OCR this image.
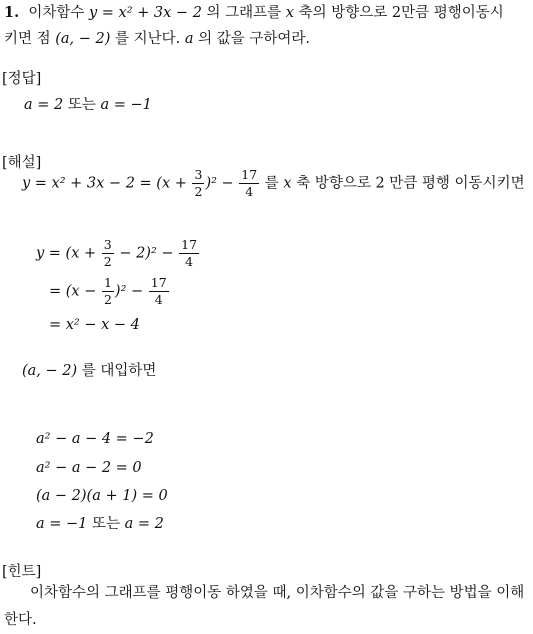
1. 이차함수 y = x² + 3x − 2 의 그래프를 x 축의 방향으로 2만큼 평행이동시
키면 점 (a, − 2) 를 지난다. a 의 값을 구하여라.
[정답]
a = 2 또는 a = −1
[해설]
$y = x^2 + 3x - 2 = (x + \frac{3}{2} )^2 - \frac{17}{4}$ 를 x 축 방향으로 2 만큼 평행 이동시키면
$y = (x + \frac{3}{2} - 2)^2 - \frac{17}{4}$
= $(x - \frac{1}{2} )^2 - \frac{17}{4}$
= x² − x − 4
(a, − 2) 를 대입하면
a² − a − 4 = −2
a² − a − 2 = 0
(a − 2)(a + 1) = 0
a = −1 또는 a = 2
[힌트]
이차함수의 그래프를 평행이동 하였을 때, 이차함수의 값을 구하는 방법을 이해한다.
